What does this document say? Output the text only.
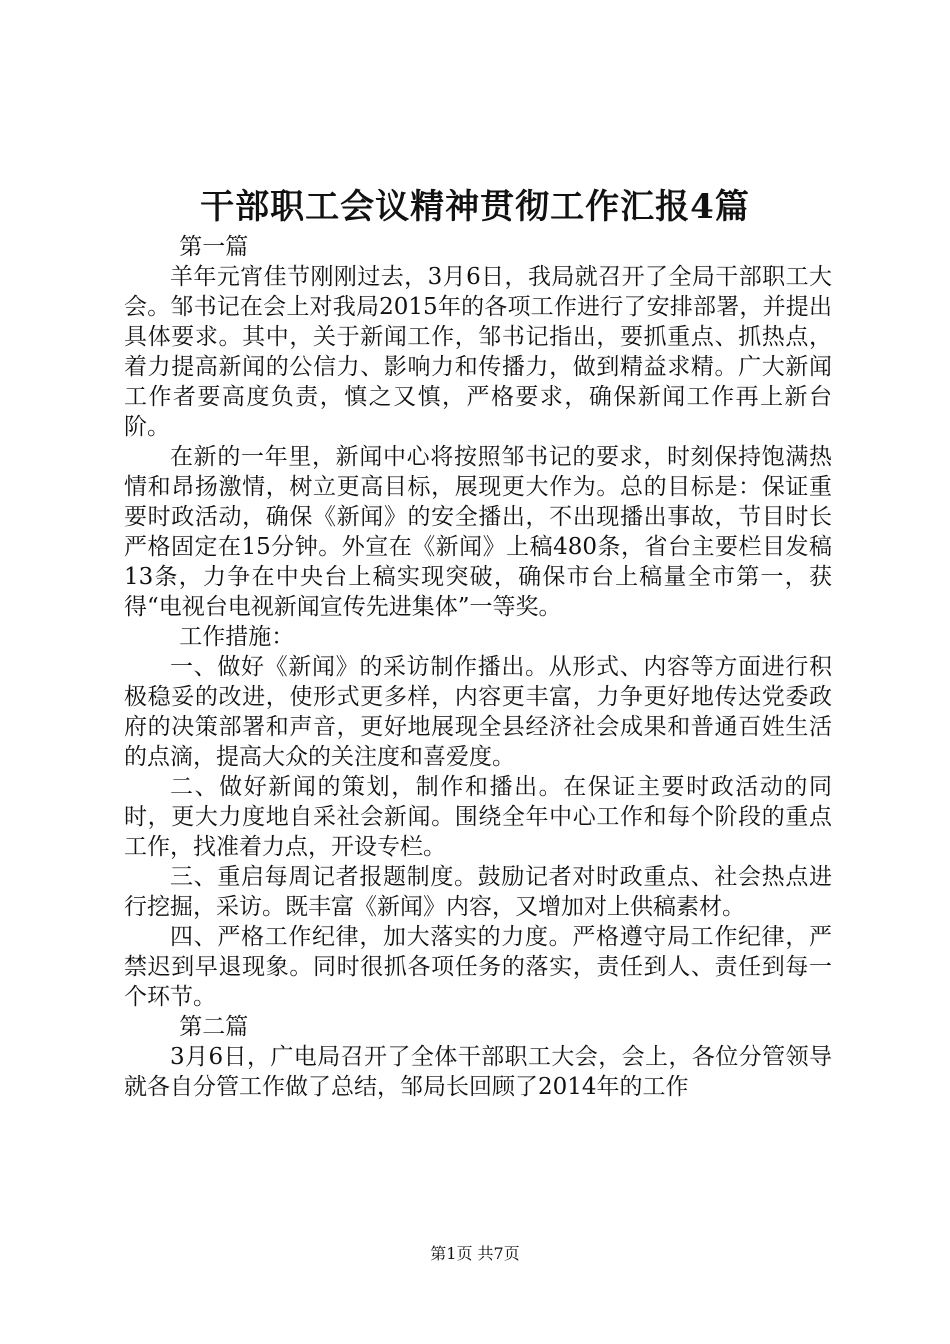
干部职工会议精神贯彻工作汇报4篇

第一篇

羊年元宵佳节刚刚过去，3月6日，我局就召开了全局干部职工大会。邹书记在会上对我局2015年的各项工作进行了安排部署，并提出具体要求。其中，关于新闻工作，邹书记指出，要抓重点、抓热点，着力提高新闻的公信力、影响力和传播力，做到精益求精。广大新闻工作者要高度负责，慎之又慎，严格要求，确保新闻工作再上新台阶。

在新的一年里，新闻中心将按照邹书记的要求，时刻保持饱满热情和昂扬激情，树立更高目标，展现更大作为。总的目标是：保证重要时政活动，确保《新闻》的安全播出，不出现播出事故，节目时长严格固定在15分钟。外宣在《新闻》上稿480条，省台主要栏目发稿13条，力争在中央台上稿实现突破，确保市台上稿量全市第一，获得“电视台电视新闻宣传先进集体”一等奖。

工作措施：

一、做好《新闻》的采访制作播出。从形式、内容等方面进行积极稳妥的改进，使形式更多样，内容更丰富，力争更好地传达党委政府的决策部署和声音，更好地展现全县经济社会成果和普通百姓生活的点滴，提高大众的关注度和喜爱度。

二、做好新闻的策划，制作和播出。在保证主要时政活动的同时，更大力度地自采社会新闻。围绕全年中心工作和每个阶段的重点工作，找准着力点，开设专栏。

三、重启每周记者报题制度。鼓励记者对时政重点、社会热点进行挖掘，采访。既丰富《新闻》内容，又增加对上供稿素材。

四、严格工作纪律，加大落实的力度。严格遵守局工作纪律，严禁迟到早退现象。同时很抓各项任务的落实，责任到人、责任到每一个环节。

第二篇

3月6日，广电局召开了全体干部职工大会，会上，各位分管领导就各自分管工作做了总结，邹局长回顾了2014年的工作

第1页 共7页
